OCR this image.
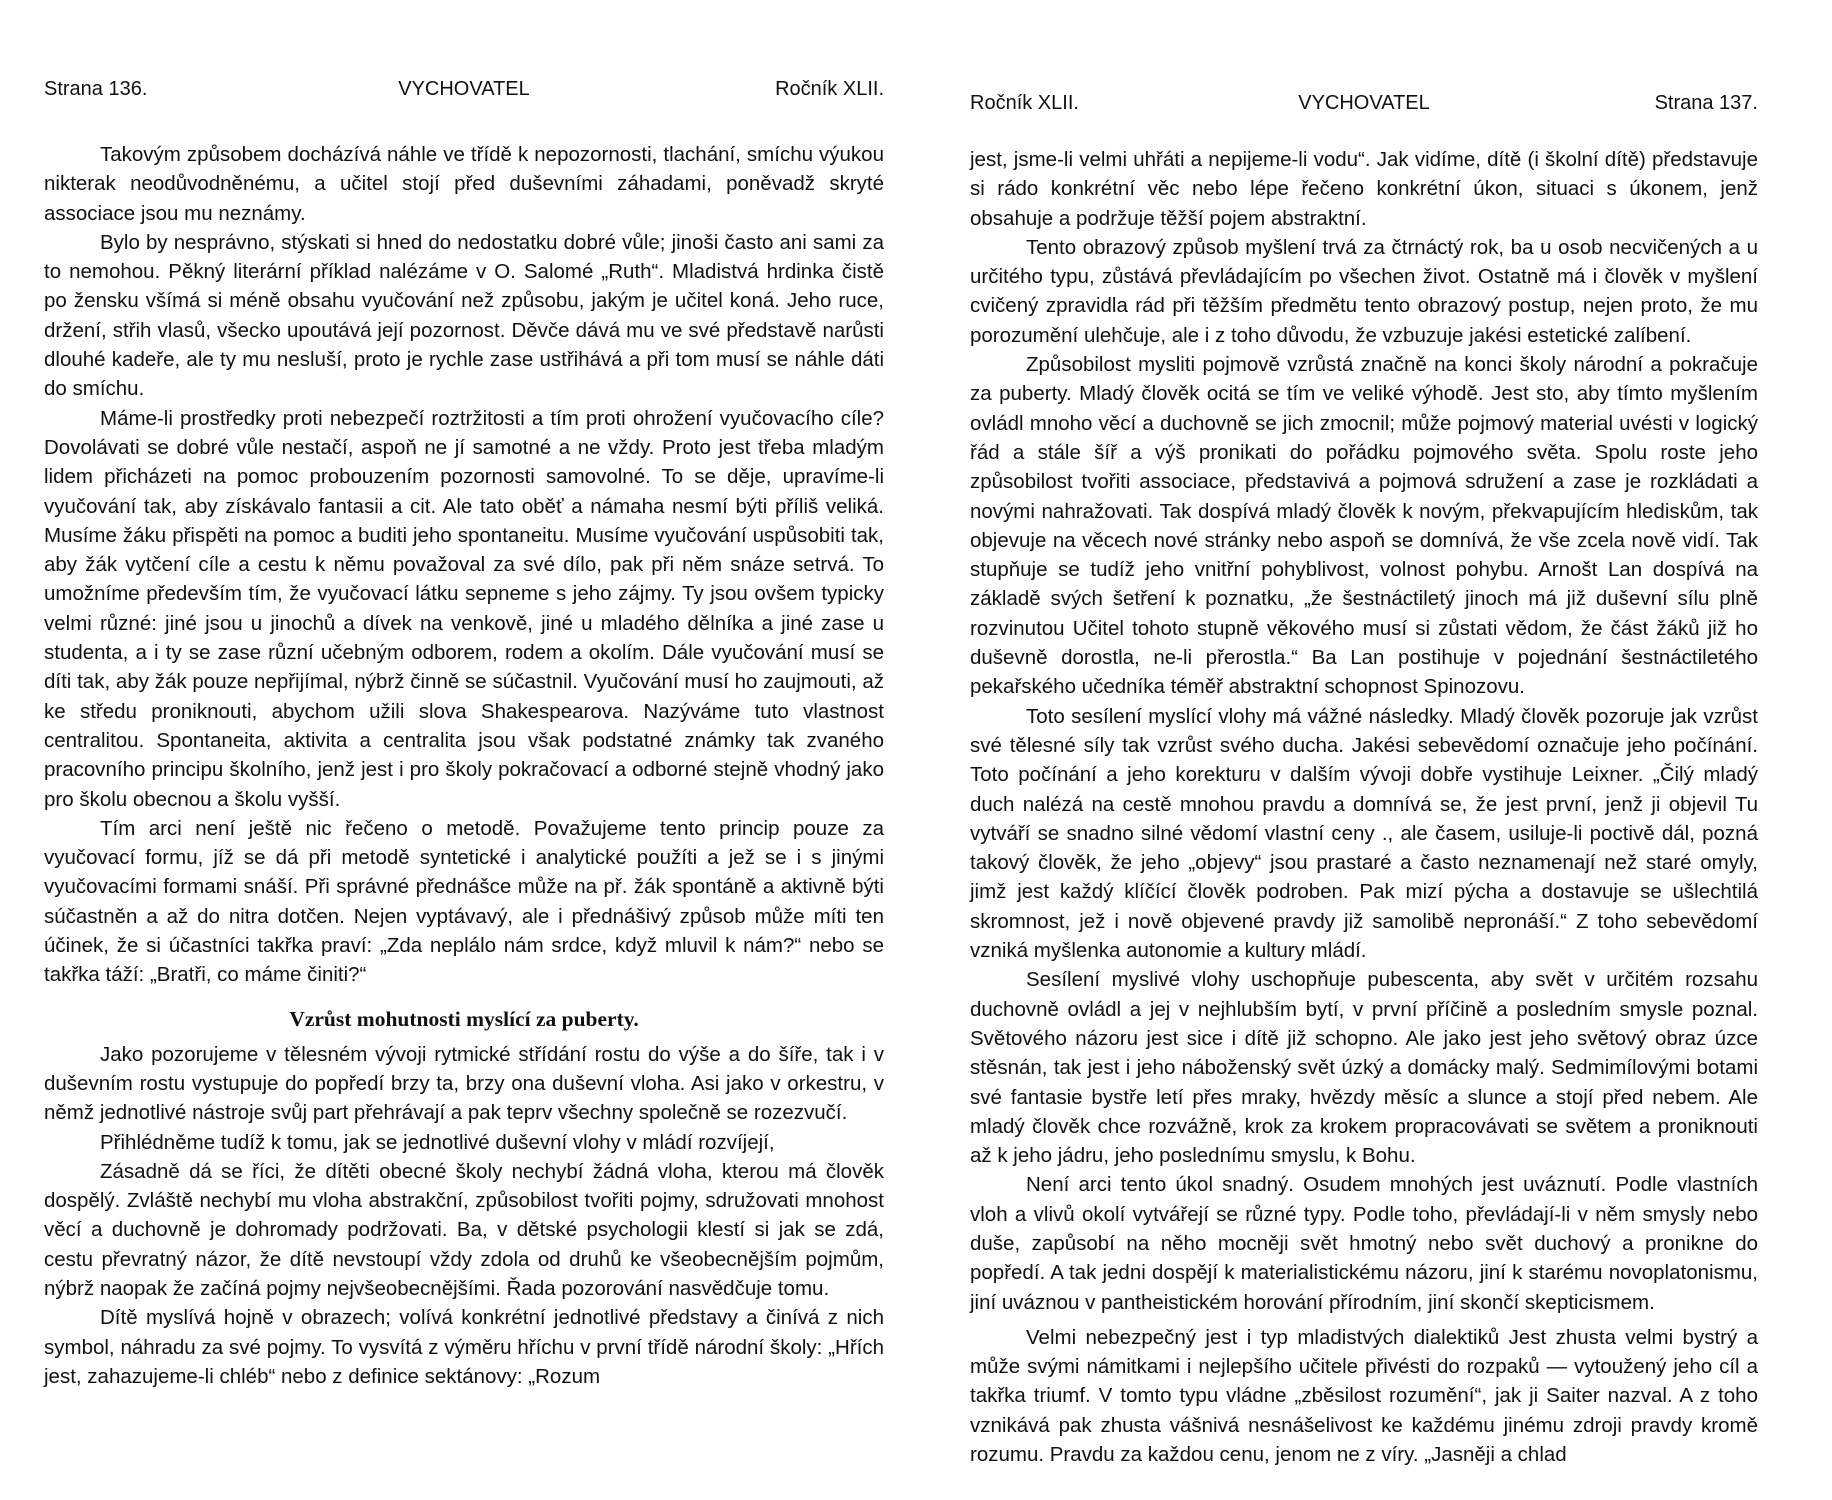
Strana 136.	VYCHOVATEL	Ročník XLII.

Takovým způsobem docházívá náhle ve třídě k nepozornosti, tlachání, smíchu výukou nikterak neodůvodněnému, a učitel stojí před duševními záhadami, poněvadž skryté associace jsou mu neznámy.

Bylo by nesprávno, stýskati si hned do nedostatku dobré vůle; jinoši často ani sami za to nemohou. Pěkný literární příklad nalézáme v O. Salomé „Ruth“. Mladistvá hrdinka čistě po žensku všímá si méně obsahu vyučování než způsobu, jakým je učitel koná. Jeho ruce, držení, střih vlasů, všecko upoutává její pozornost. Děvče dává mu ve své představě narůsti dlouhé kadeře, ale ty mu nesluší, proto je rychle zase ustřihává a při tom musí se náhle dáti do smíchu.

Máme-li prostředky proti nebezpečí roztržitosti a tím proti ohrožení vyučovacího cíle? Dovolávati se dobré vůle nestačí, aspoň ne jí samotné a ne vždy. Proto jest třeba mladým lidem přicházeti na pomoc probouzením pozornosti samovolné. To se děje, upravíme-li vyučování tak, aby získávalo fantasii a cit. Ale tato oběť a námaha nesmí býti příliš veliká. Musíme žáku přispěti na pomoc a buditi jeho spontaneitu. Musíme vyučování uspůsobiti tak, aby žák vytčení cíle a cestu k němu považoval za své dílo, pak při něm snáze setrvá. To umožníme především tím, že vyučovací látku sepneme s jeho zájmy. Ty jsou ovšem typicky velmi různé: jiné jsou u jinochů a dívek na venkově, jiné u mladého dělníka a jiné zase u studenta, a i ty se zase různí učebným odborem, rodem a okolím. Dále vyučování musí se díti tak, aby žák pouze nepřijímal, nýbrž činně se súčastnil. Vyučování musí ho zaujmouti, až ke středu proniknouti, abychom užili slova Shakespearova. Nazýváme tuto vlastnost centralitou. Spontaneita, aktivita a centralita jsou však podstatné známky tak zvaného pracovního principu školního, jenž jest i pro školy pokračovací a odborné stejně vhodný jako pro školu obecnou a školu vyšší.

Tím arci není ještě nic řečeno o metodě. Považujeme tento princip pouze za vyučovací formu, jíž se dá při metodě syntetické i analytické použíti a jež se i s jinými vyučovacími formami snáší. Při správné přednášce může na př. žák spontáně a aktivně býti súčastněn a až do nitra dotčen. Nejen vyptávavý, ale i přednášivý způsob může míti ten účinek, že si účastníci takřka praví: „Zda neplálo nám srdce, když mluvil k nám?“ nebo se takřka táží: „Bratři, co máme činiti?“

Vzrůst mohutnosti myslící za puberty.

Jako pozorujeme v tělesném vývoji rytmické střídání rostu do výše a do šíře, tak i v duševním rostu vystupuje do popředí brzy ta, brzy ona duševní vloha. Asi jako v orkestru, v němž jednotlivé nástroje svůj part přehrávají a pak teprv všechny společně se rozezvučí.

Přihlédněme tudíž k tomu, jak se jednotlivé duševní vlohy v mládí rozvíjejí,

Zásadně dá se říci, že dítěti obecné školy nechybí žádná vloha, kterou má člověk dospělý. Zvláště nechybí mu vloha abstrakční, způsobilost tvořiti pojmy, sdružovati mnohost věcí a duchovně je dohromady podržovati. Ba, v dětské psychologii klestí si jak se zdá, cestu převratný názor, že dítě nevstoupí vždy zdola od druhů ke všeobecnějším pojmům, nýbrž naopak že začíná pojmy nejvšeobecnějšími. Řada pozorování nasvědčuje tomu.

Dítě myslívá hojně v obrazech; volívá konkrétní jednotlivé představy a činívá z nich symbol, náhradu za své pojmy. To vysvítá z výměru hříchu v první třídě národní školy: „Hřích jest, zahazujeme-li chléb“ nebo z definice sektánovy: „Rozum

Ročník XLII.	VYCHOVATEL	Strana 137.

jest, jsme-li velmi uhřáti a nepijeme-li vodu“. Jak vidíme, dítě (i školní dítě) představuje si rádo konkrétní věc nebo lépe řečeno konkrétní úkon, situaci s úkonem, jenž obsahuje a podržuje těžší pojem abstraktní.

Tento obrazový způsob myšlení trvá za čtrnáctý rok, ba u osob necvičených a u určitého typu, zůstává převládajícím po všechen život. Ostatně má i člověk v myšlení cvičený zpravidla rád při těžším předmětu tento obrazový postup, nejen proto, že mu porozumění ulehčuje, ale i z toho důvodu, že vzbuzuje jakési estetické zalíbení.

Způsobilost mysliti pojmově vzrůstá značně na konci školy národní a pokračuje za puberty. Mladý člověk ocitá se tím ve veliké výhodě. Jest sto, aby tímto myšlením ovládl mnoho věcí a duchovně se jich zmocnil; může pojmový material uvésti v logický řád a stále šíř a výš pronikati do pořádku pojmového světa. Spolu roste jeho způsobilost tvořiti associace, představivá a pojmová sdružení a zase je rozkládati a novými nahražovati. Tak dospívá mladý člověk k novým, překvapujícím hlediskům, tak objevuje na věcech nové stránky nebo aspoň se domnívá, že vše zcela nově vidí. Tak stupňuje se tudíž jeho vnitřní pohyblivost, volnost pohybu. Arnošt Lan dospívá na základě svých šetření k poznatku, „že šestnáctiletý jinoch má již duševní sílu plně rozvinutou Učitel tohoto stupně věkového musí si zůstati vědom, že část žáků již ho duševně dorostla, ne-li přerostla.“ Ba Lan postihuje v pojednání šestnáctiletého pekařského učedníka téměř abstraktní schopnost Spinozovu.

Toto sesílení myslící vlohy má vážné následky. Mladý člověk pozoruje jak vzrůst své tělesné síly tak vzrůst svého ducha. Jakési sebevědomí označuje jeho počínání. Toto počínání a jeho korekturu v dalším vývoji dobře vystihuje Leixner. „Čilý mladý duch nalézá na cestě mnohou pravdu a domnívá se, že jest první, jenž ji objevil Tu vytváří se snadno silné vědomí vlastní ceny ., ale časem, usiluje-li poctivě dál, pozná takový člověk, že jeho „objevy“ jsou prastaré a často neznamenají než staré omyly, jimž jest každý klíčící člověk podroben. Pak mizí pýcha a dostavuje se ušlechtilá skromnost, jež i nově objevené pravdy již samolibě nepronáší.“ Z toho sebevědomí vzniká myšlenka autonomie a kultury mládí.

Sesílení myslivé vlohy uschopňuje pubescenta, aby svět v určitém rozsahu duchovně ovládl a jej v nejhlubším bytí, v první příčině a posledním smysle poznal. Světového názoru jest sice i dítě již schopno. Ale jako jest jeho světový obraz úzce stěsnán, tak jest i jeho náboženský svět úzký a domácky malý. Sedmimílovými botami své fantasie bystře letí přes mraky, hvězdy měsíc a slunce a stojí před nebem. Ale mladý člověk chce rozvážně, krok za krokem propracovávati se světem a proniknouti až k jeho jádru, jeho poslednímu smyslu, k Bohu.

Není arci tento úkol snadný. Osudem mnohých jest uváznutí. Podle vlastních vloh a vlivů okolí vytvářejí se různé typy. Podle toho, převládají-li v něm smysly nebo duše, zapůsobí na něho mocněji svět hmotný nebo svět duchový a pronikne do popředí. A tak jedni dospějí k materialistickému názoru, jiní k starému novoplatonismu, jiní uváznou v pantheistickém horování přírodním, jiní skončí skepticismem.

Velmi nebezpečný jest i typ mladistvých dialektiků Jest zhusta velmi bystrý a může svými námitkami i nejlepšího učitele přivésti do rozpaků — vytoužený jeho cíl a takřka triumf. V tomto typu vládne „zběsilost rozumění“, jak ji Saiter nazval. A z toho vznikává pak zhusta vášnivá nesnášelivost ke každému jinému zdroji pravdy kromě rozumu. Pravdu za každou cenu, jenom ne z víry. „Jasněji a chlad
